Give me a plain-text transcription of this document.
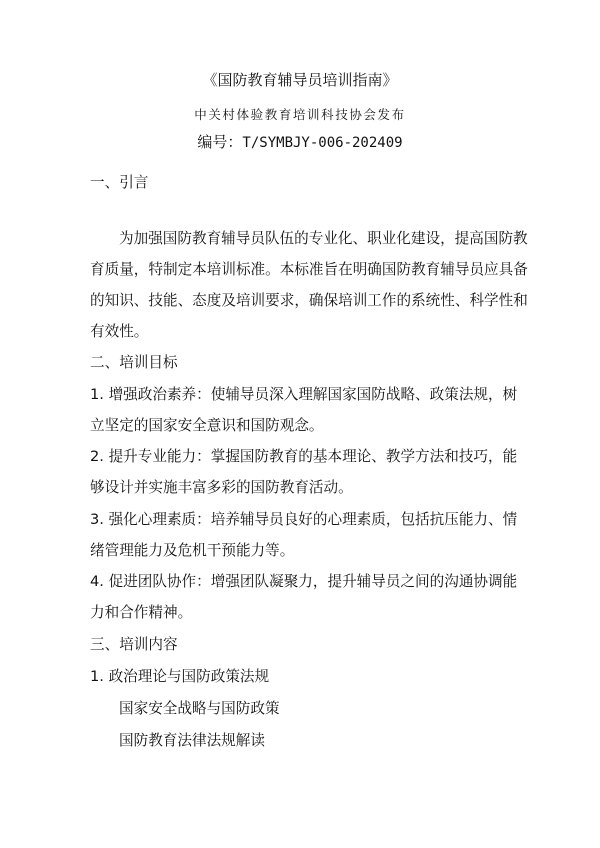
《国防教育辅导员培训指南》
中关村体验教育培训科技协会发布
编号：T/SYMBJY-006-202409
一、引言
为加强国防教育辅导员队伍的专业化、职业化建设，提高国防教
育质量，特制定本培训标准。本标准旨在明确国防教育辅导员应具备
的知识、技能、态度及培训要求，确保培训工作的系统性、科学性和
有效性。
二、培训目标
1. 增强政治素养：使辅导员深入理解国家国防战略、政策法规，树
立坚定的国家安全意识和国防观念。
2. 提升专业能力：掌握国防教育的基本理论、教学方法和技巧，能
够设计并实施丰富多彩的国防教育活动。
3. 强化心理素质：培养辅导员良好的心理素质，包括抗压能力、情
绪管理能力及危机干预能力等。
4. 促进团队协作：增强团队凝聚力，提升辅导员之间的沟通协调能
力和合作精神。
三、培训内容
1. 政治理论与国防政策法规
国家安全战略与国防政策
国防教育法律法规解读
